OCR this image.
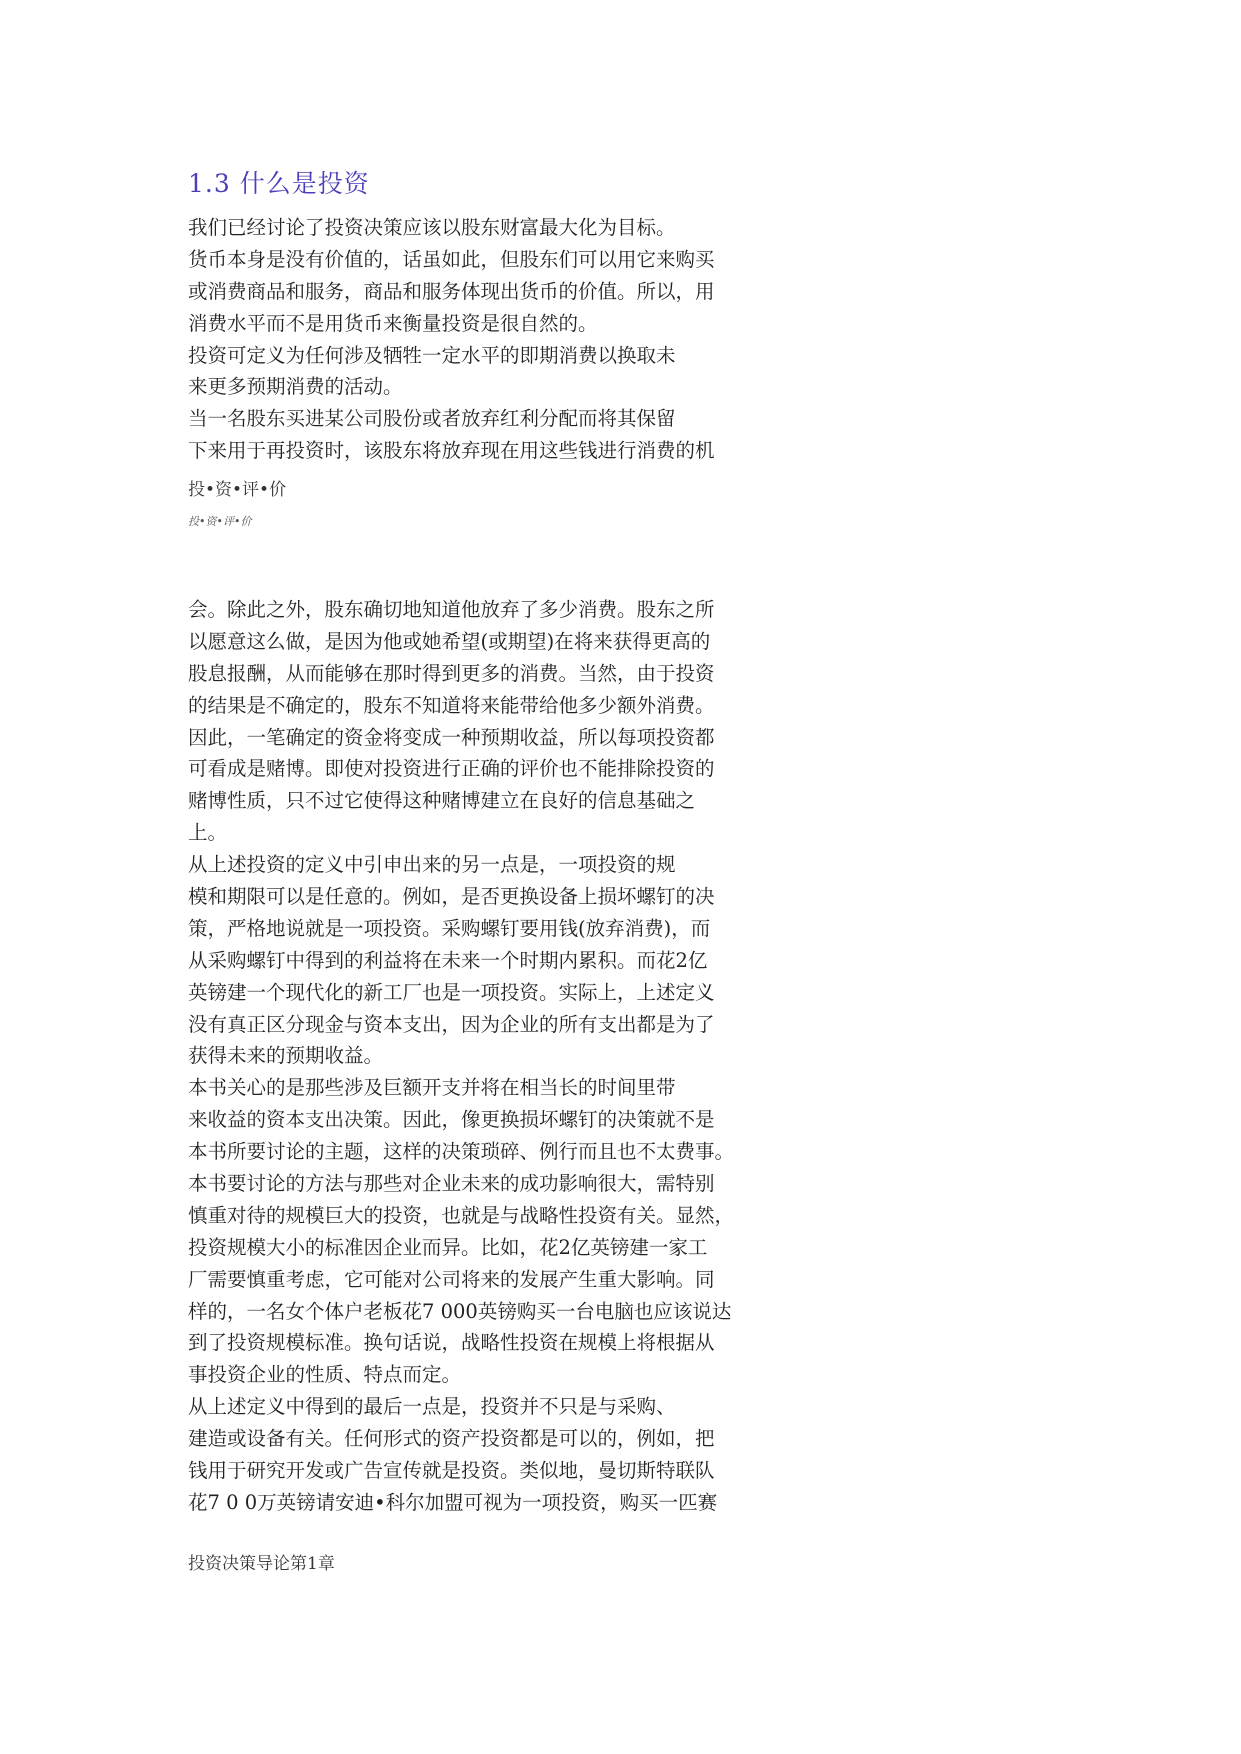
1.3 什么是投资
我们已经讨论了投资决策应该以股东财富最大化为目标。
货币本身是没有价值的，话虽如此，但股东们可以用它来购买
或消费商品和服务，商品和服务体现出货币的价值。所以，用
消费水平而不是用货币来衡量投资是很自然的。
投资可定义为任何涉及牺牲一定水平的即期消费以换取未
来更多预期消费的活动。
当一名股东买进某公司股份或者放弃红利分配而将其保留
下来用于再投资时，该股东将放弃现在用这些钱进行消费的机
投•资•评•价
投•资•评•价
会。除此之外，股东确切地知道他放弃了多少消费。股东之所
以愿意这么做，是因为他或她希望(或期望)在将来获得更高的
股息报酬，从而能够在那时得到更多的消费。当然，由于投资
的结果是不确定的，股东不知道将来能带给他多少额外消费。
因此，一笔确定的资金将变成一种预期收益，所以每项投资都
可看成是赌博。即使对投资进行正确的评价也不能排除投资的
赌博性质，只不过它使得这种赌博建立在良好的信息基础之
上。
从上述投资的定义中引申出来的另一点是，一项投资的规
模和期限可以是任意的。例如，是否更换设备上损坏螺钉的决
策，严格地说就是一项投资。采购螺钉要用钱(放弃消费)，而
从采购螺钉中得到的利益将在未来一个时期内累积。而花2亿
英镑建一个现代化的新工厂也是一项投资。实际上，上述定义
没有真正区分现金与资本支出，因为企业的所有支出都是为了
获得未来的预期收益。
本书关心的是那些涉及巨额开支并将在相当长的时间里带
来收益的资本支出决策。因此，像更换损坏螺钉的决策就不是
本书所要讨论的主题，这样的决策琐碎、例行而且也不太费事。
本书要讨论的方法与那些对企业未来的成功影响很大，需特别
慎重对待的规模巨大的投资，也就是与战略性投资有关。显然，
投资规模大小的标准因企业而异。比如，花2亿英镑建一家工
厂需要慎重考虑，它可能对公司将来的发展产生重大影响。同
样的，一名女个体户老板花7 000英镑购买一台电脑也应该说达
到了投资规模标准。换句话说，战略性投资在规模上将根据从
事投资企业的性质、特点而定。
从上述定义中得到的最后一点是，投资并不只是与采购、
建造或设备有关。任何形式的资产投资都是可以的，例如，把
钱用于研究开发或广告宣传就是投资。类似地，曼切斯特联队
花7 0 0万英镑请安迪•科尔加盟可视为一项投资，购买一匹赛
投资决策导论第1章
